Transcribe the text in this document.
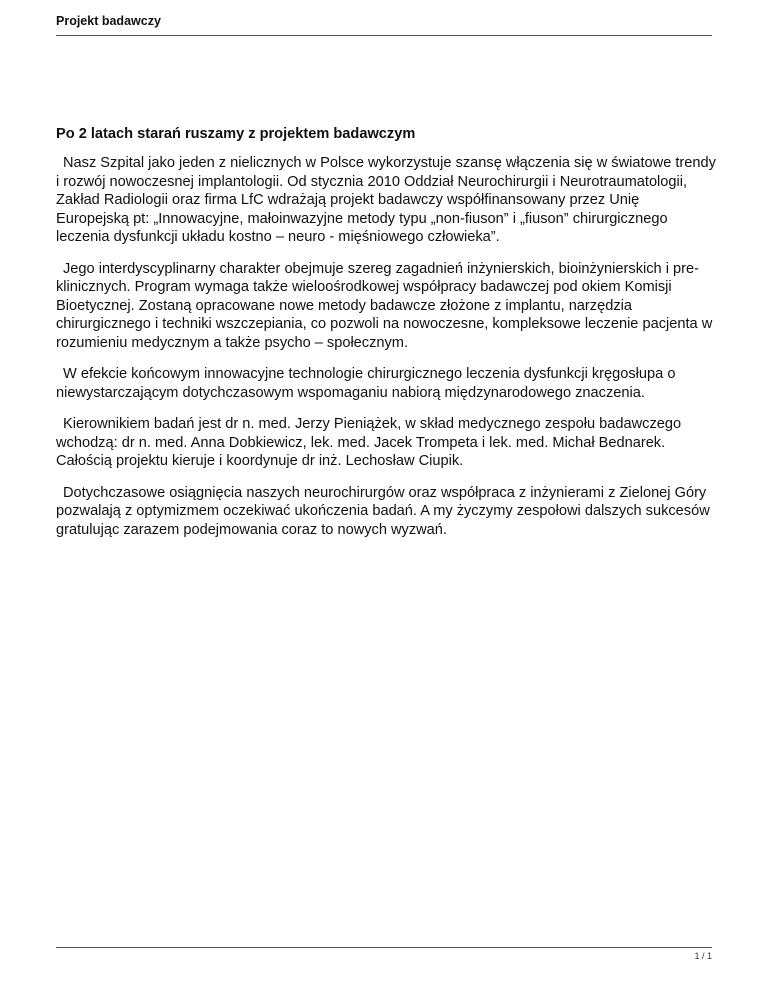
Projekt badawczy
Po 2 latach starań ruszamy z projektem badawczym

Nasz Szpital jako jeden z nielicznych w Polsce wykorzystuje szansę włączenia się w światowe trendy i rozwój nowoczesnej implantologii. Od stycznia 2010 Oddział Neurochirurgii i Neurotraumatologii, Zakład Radiologii oraz firma LfC wdrażają projekt badawczy współfinansowany przez Unię Europejską pt: „Innowacyjne, małoinwazyjne metody typu „non-fiuson” i „fiuson” chirurgicznego leczenia dysfunkcji układu kostno – neuro - mięśniowego człowieka”.

Jego interdyscyplinarny charakter obejmuje szereg zagadnień inżynierskich, bioinżynierskich i pre-klinicznych. Program wymaga także wieloośrodkowej współpracy badawczej pod okiem Komisji Bioetycznej. Zostaną opracowane nowe metody badawcze złożone z implantu, narzędzia chirurgicznego i techniki wszczepiania, co pozwoli na nowoczesne, kompleksowe leczenie pacjenta w rozumieniu medycznym a także psycho – społecznym.

W efekcie końcowym innowacyjne technologie chirurgicznego leczenia dysfunkcji kręgosłupa o niewystarczającym dotychczasowym wspomaganiu nabiorą międzynarodowego znaczenia.

Kierownikiem badań jest dr n. med. Jerzy Pieniążek, w skład medycznego zespołu badawczego wchodzą: dr n. med. Anna Dobkiewicz, lek. med. Jacek Trompeta i lek. med. Michał Bednarek. Całością projektu kieruje i koordynuje dr inż. Lechosław Ciupik.

Dotychczasowe osiągnięcia naszych neurochirurgów oraz współpraca z inżynierami z Zielonej Góry pozwalają z optymizmem oczekiwać ukończenia badań. A my życzymy zespołowi dalszych sukcesów gratulując zarazem podejmowania coraz to nowych wyzwań.

1 / 1
